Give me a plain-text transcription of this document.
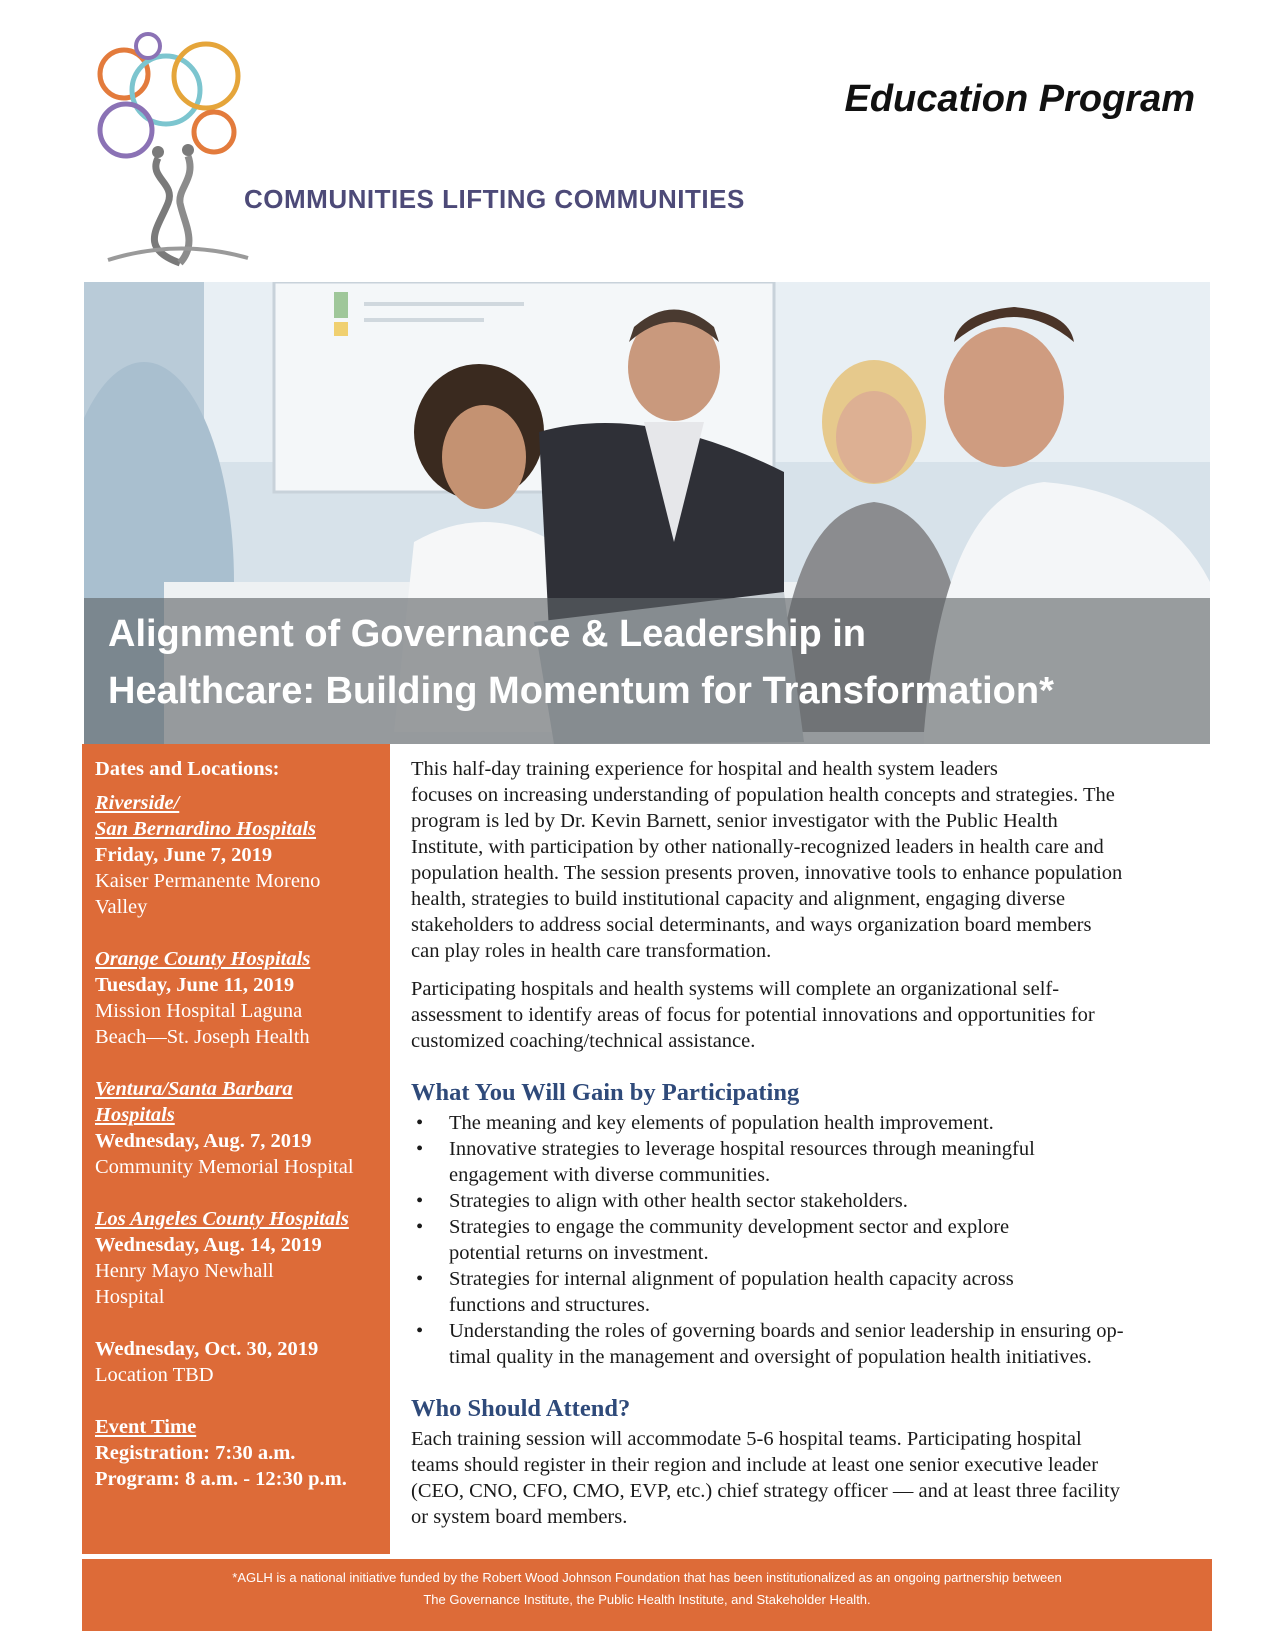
COMMUNITIES LIFTING COMMUNITIES
Education Program
Alignment of Governance & Leadership in
Healthcare: Building Momentum for Transformation*
Dates and Locations:
Riverside/
San Bernardino Hospitals
Friday, June 7, 2019
Kaiser Permanente Moreno
Valley
Orange County Hospitals
Tuesday, June 11, 2019
Mission Hospital Laguna
Beach—St. Joseph Health
Ventura/Santa Barbara
Hospitals
Wednesday, Aug. 7, 2019
Community Memorial Hospital
Los Angeles County Hospitals
Wednesday, Aug. 14, 2019
Henry Mayo Newhall
Hospital
Wednesday, Oct. 30, 2019
Location TBD
Event Time
Registration: 7:30 a.m.
Program: 8 a.m. - 12:30 p.m.

This half-day training experience for hospital and health system leaders
focuses on increasing understanding of population health concepts and strategies. The
program is led by Dr. Kevin Barnett, senior investigator with the Public Health
Institute, with participation by other nationally-recognized leaders in health care and
population health. The session presents proven, innovative tools to enhance population
health, strategies to build institutional capacity and alignment, engaging diverse
stakeholders to address social determinants, and ways organization board members
can play roles in health care transformation.

Participating hospitals and health systems will complete an organizational self-
assessment to identify areas of focus for potential innovations and opportunities for
customized coaching/technical assistance.

What You Will Gain by Participating
• The meaning and key elements of population health improvement.
• Innovative strategies to leverage hospital resources through meaningful
engagement with diverse communities.
• Strategies to align with other health sector stakeholders.
• Strategies to engage the community development sector and explore
potential returns on investment.
• Strategies for internal alignment of population health capacity across
functions and structures.
• Understanding the roles of governing boards and senior leadership in ensuring op-
timal quality in the management and oversight of population health initiatives.
Who Should Attend?

Each training session will accommodate 5-6 hospital teams. Participating hospital
teams should register in their region and include at least one senior executive leader
(CEO, CNO, CFO, CMO, EVP, etc.) chief strategy officer — and at least three facility
or system board members.

*AGLH is a national initiative funded by the Robert Wood Johnson Foundation that has been institutionalized as an ongoing partnership between
The Governance Institute, the Public Health Institute, and Stakeholder Health.
